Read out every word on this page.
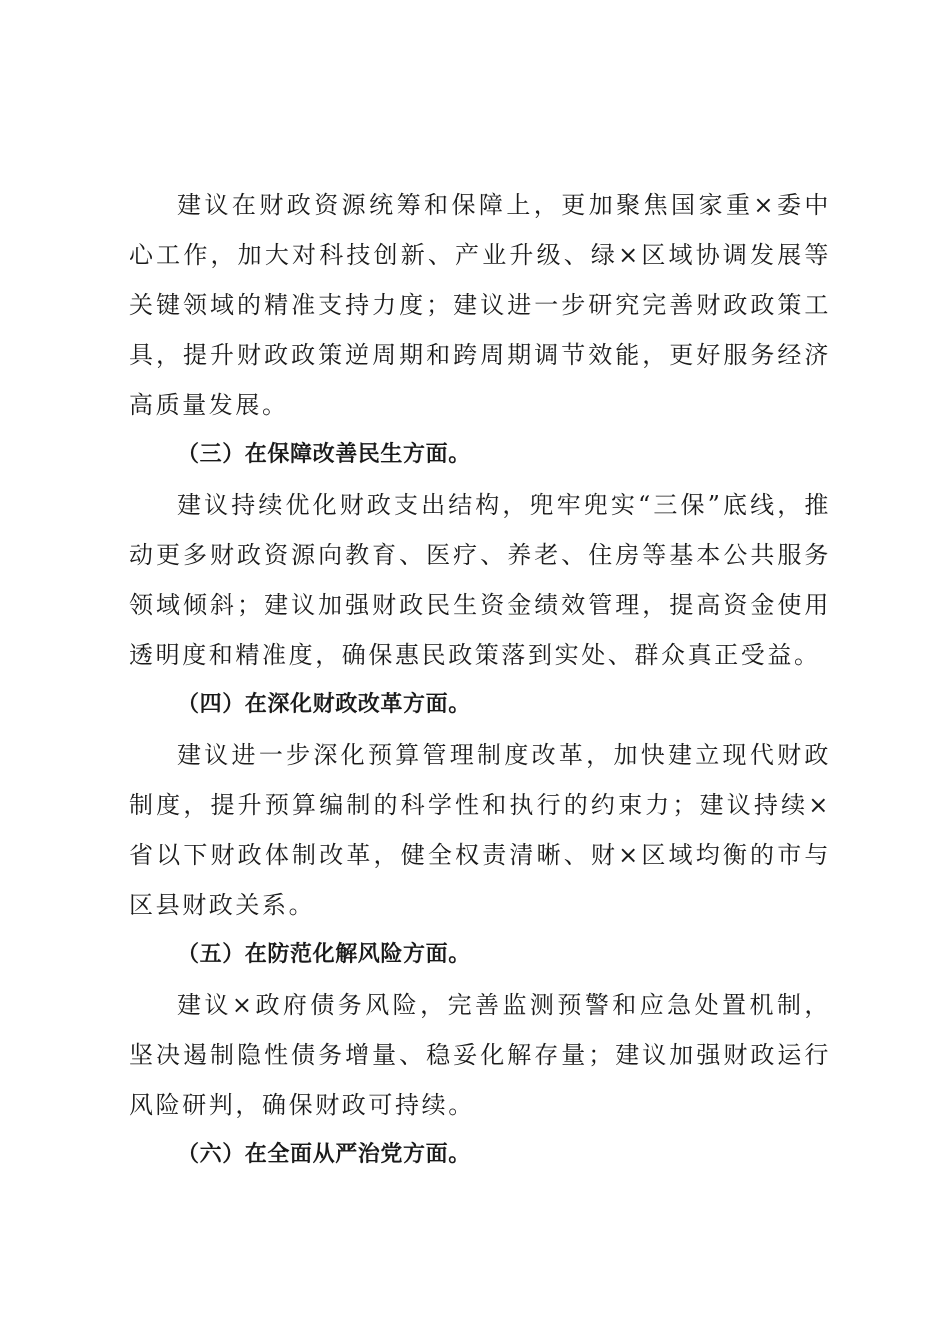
建议在财政资源统筹和保障上，更加聚焦国家重×委中心工作，加大对科技创新、产业升级、绿×区域协调发展等关键领域的精准支持力度；建议进一步研究完善财政政策工具，提升财政政策逆周期和跨周期调节效能，更好服务经济高质量发展。

（三）在保障改善民生方面。

建议持续优化财政支出结构，兜牢兜实“三保”底线，推动更多财政资源向教育、医疗、养老、住房等基本公共服务领域倾斜；建议加强财政民生资金绩效管理，提高资金使用透明度和精准度，确保惠民政策落到实处、群众真正受益。

（四）在深化财政改革方面。

建议进一步深化预算管理制度改革，加快建立现代财政制度，提升预算编制的科学性和执行的约束力；建议持续×省以下财政体制改革，健全权责清晰、财×区域均衡的市与区县财政关系。

（五）在防范化解风险方面。

建议×政府债务风险，完善监测预警和应急处置机制，坚决遏制隐性债务增量、稳妥化解存量；建议加强财政运行风险研判，确保财政可持续。

（六）在全面从严治党方面。
